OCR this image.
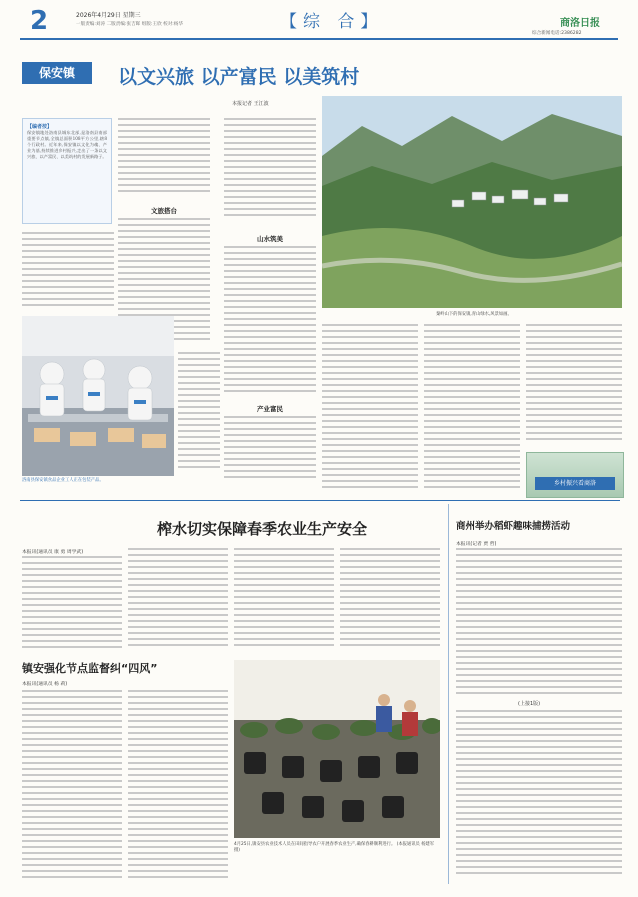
2	2026年4月29日 星期三
一版责编:刘涛 二版责编:张吉晖 组版:王欣 校对:杨华	【综 合】	商洛日报
综合新闻电话:2386282
保安镇	以文兴旅 以产富民 以美筑村
本报记者 王江波
【编者按】
保安镇地处洛南县城东北部,是洛南县南部重要节点镇,全镇总面积108平方公里,辖8个行政村。近年来,保安镇以文化为魂、产业为基,持续推进乡村振兴,走出了一条以文兴旅、以产富民、以美筑村的发展新路子。
文旅搭台
洛南县保安镇食品企业工人正在包装产品。
山水筑美
产业富民
秦岭山下的保安镇,青山绿水,风景如画。
乡村振兴看商洛
榨水切实保障春季农业生产安全
本报讯(通讯员 康 勇 周学武)
商州举办稻虾趣味捕捞活动
本报讯(记者 贾 哲)
(上接1版)
镇安强化节点监督纠“四风”
本报讯(通讯员 杨 莉)
4月25日,镇安县农业技术人员在田间指导农户开展春季农业生产,确保春耕顺利进行。 (本报通讯员 杨建军 摄)
